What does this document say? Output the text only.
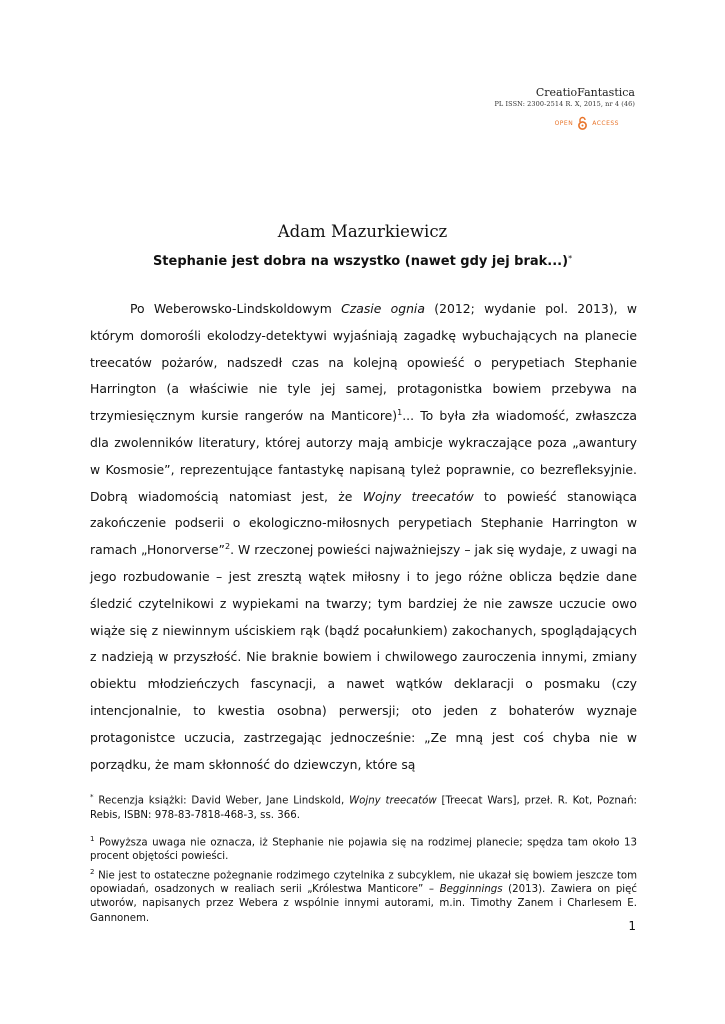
CreatioFantastica
PL ISSN: 2300-2514 R. X, 2015, nr 4 (46)
OPEN	ACCESS
Adam Mazurkiewicz
Stephanie jest dobra na wszystko (nawet gdy jej brak...)*

Po Weberowsko-Lindskoldowym Czasie ognia (2012; wydanie pol. 2013), w którym domorośli ekolodzy-detektywi wyjaśniają zagadkę wybuchających na planecie treecatów pożarów, nadszedł czas na kolejną opowieść o perypetiach Stephanie Harrington (a właściwie nie tyle jej samej, protagonistka bowiem przebywa na trzymiesięcznym kursie rangerów na Manticore)$^1$... To była zła wiadomość, zwłaszcza dla zwolenników literatury, której autorzy mają ambicje wykraczające poza „awantury w Kosmosie”, reprezentujące fantastykę napisaną tyleż poprawnie, co bezrefleksyjnie. Dobrą wiadomością natomiast jest, że Wojny treecatów to powieść stanowiąca zakończenie podserii o ekologiczno-miłosnych perypetiach Stephanie Harrington w ramach „Honorverse”$^2$. W rzeczonej powieści najważniejszy – jak się wydaje, z uwagi na jego rozbudowanie – jest zresztą wątek miłosny i to jego różne oblicza będzie dane śledzić czytelnikowi z wypiekami na twarzy; tym bardziej że nie zawsze uczucie owo wiąże się z niewinnym uściskiem rąk (bądź pocałunkiem) zakochanych, spoglądających z nadzieją w przyszłość. Nie braknie bowiem i chwilowego zauroczenia innymi, zmiany obiektu młodzieńczych fascynacji, a nawet wątków deklaracji o posmaku (czy intencjonalnie, to kwestia osobna) perwersji; oto jeden z bohaterów wyznaje protagonistce uczucia, zastrzegając jednocześnie: „Ze mną jest coś chyba nie w porządku, że mam skłonność do dziewczyn, które są

* Recenzja książki: David Weber, Jane Lindskold, Wojny treecatów [Treecat Wars], przeł. R. Kot, Poznań: Rebis, ISBN: 978-83-7818-468-3, ss. 366.

$^1$ Powyższa uwaga nie oznacza, iż Stephanie nie pojawia się na rodzimej planecie; spędza tam około 13 procent objętości powieści.

$^2$ Nie jest to ostateczne pożegnanie rodzimego czytelnika z subcyklem, nie ukazał się bowiem jeszcze tom opowiadań, osadzonych w realiach serii „Królestwa Manticore” – Begginnings (2013). Zawiera on pięć utworów, napisanych przez Webera z wspólnie innymi autorami, m.in. Timothy Zanem i Charlesem E. Gannonem.

1
